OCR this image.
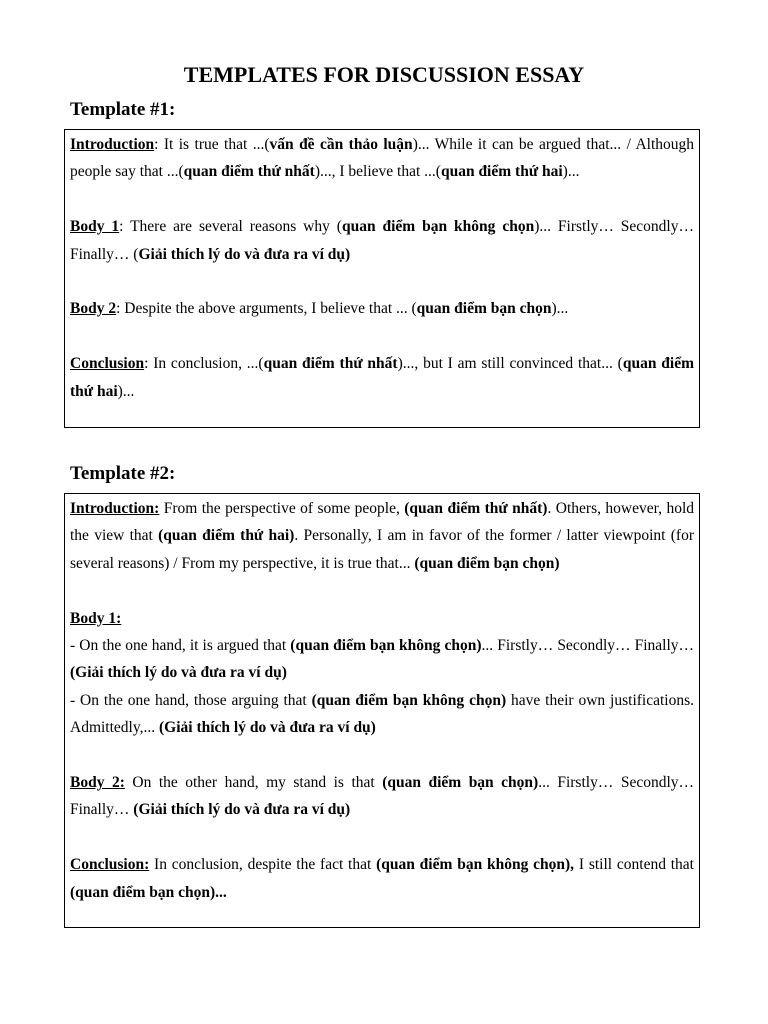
TEMPLATES FOR DISCUSSION ESSAY
Template #1:

Introduction: It is true that ...(vấn đề cần thảo luận)... While it can be argued that... / Although people say that ...(quan điểm thứ nhất)..., I believe that ...(quan điểm thứ hai)...

Body 1: There are several reasons why (quan điểm bạn không chọn)... Firstly… Secondly… Finally… (Giải thích lý do và đưa ra ví dụ)

Body 2: Despite the above arguments, I believe that ... (quan điểm bạn chọn)...

Conclusion: In conclusion, ...(quan điểm thứ nhất)..., but I am still convinced that... (quan điểm thứ hai)...

Template #2:

Introduction: From the perspective of some people, (quan điểm thứ nhất). Others, however, hold the view that (quan điểm thứ hai). Personally, I am in favor of the former / latter viewpoint (for several reasons) / From my perspective, it is true that... (quan điểm bạn chọn)

Body 1:

- On the one hand, it is argued that (quan điểm bạn không chọn)... Firstly… Secondly… Finally… (Giải thích lý do và đưa ra ví dụ)

- On the one hand, those arguing that (quan điểm bạn không chọn) have their own justifications. Admittedly,... (Giải thích lý do và đưa ra ví dụ)

Body 2: On the other hand, my stand is that (quan điểm bạn chọn)... Firstly… Secondly… Finally… (Giải thích lý do và đưa ra ví dụ)

Conclusion: In conclusion, despite the fact that (quan điểm bạn không chọn), I still contend that (quan điểm bạn chọn)...
